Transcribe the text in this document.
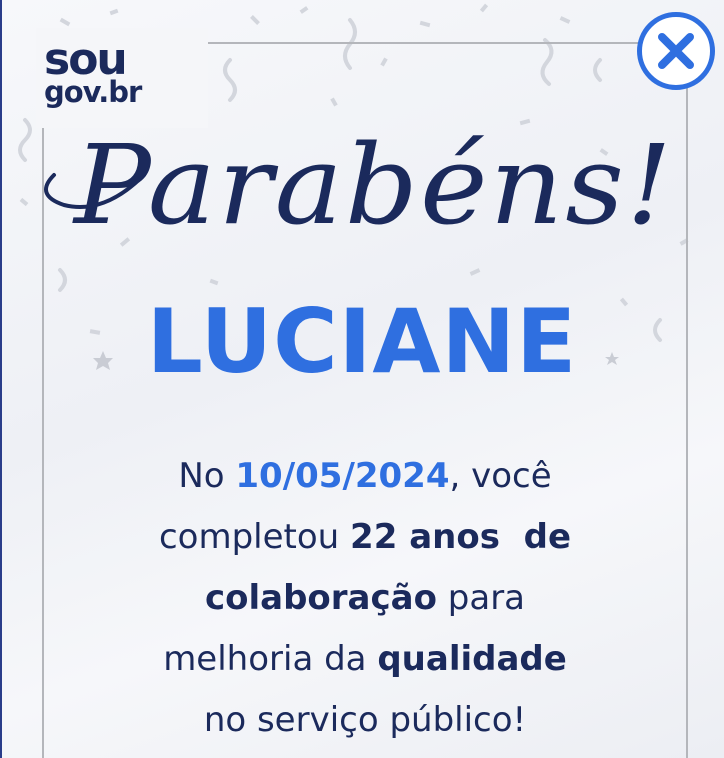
sou
gov.br
Parabéns!
LUCIANE
No 10/05/2024, você
completou 22 anos  de
colaboração para
melhoria da qualidade
no serviço público!
